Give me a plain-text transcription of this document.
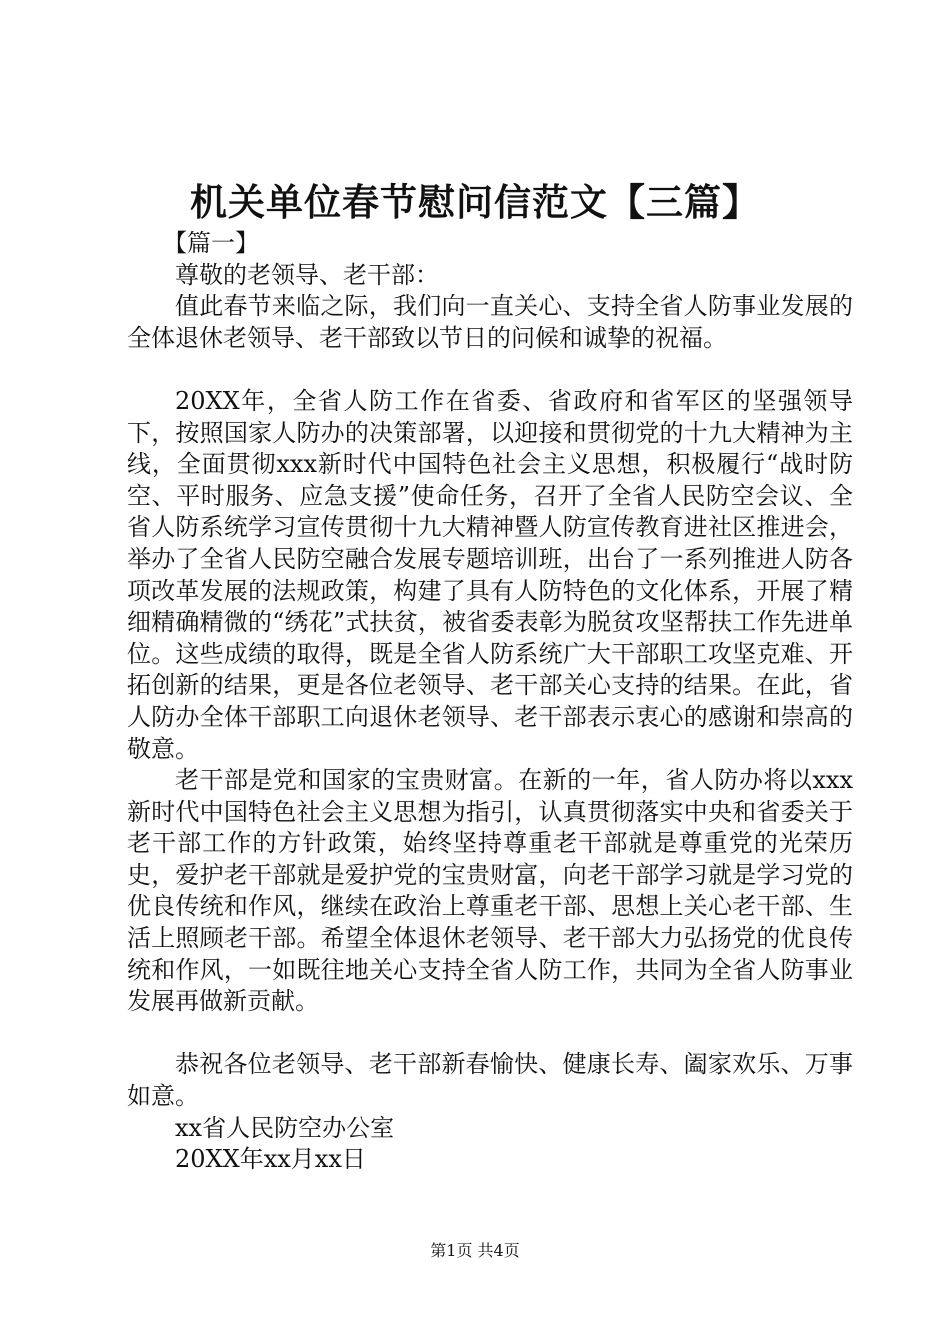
机关单位春节慰问信范文【三篇】

【篇一】

尊敬的老领导、老干部：

值此春节来临之际，我们向一直关心、支持全省人防事业发展的全体退休老领导、老干部致以节日的问候和诚挚的祝福。

20XX年，全省人防工作在省委、省政府和省军区的坚强领导下，按照国家人防办的决策部署，以迎接和贯彻党的十九大精神为主线，全面贯彻xxx新时代中国特色社会主义思想，积极履行“战时防空、平时服务、应急支援”使命任务，召开了全省人民防空会议、全省人防系统学习宣传贯彻十九大精神暨人防宣传教育进社区推进会，举办了全省人民防空融合发展专题培训班，出台了一系列推进人防各项改革发展的法规政策，构建了具有人防特色的文化体系，开展了精细精确精微的“绣花”式扶贫，被省委表彰为脱贫攻坚帮扶工作先进单位。这些成绩的取得，既是全省人防系统广大干部职工攻坚克难、开拓创新的结果，更是各位老领导、老干部关心支持的结果。在此，省人防办全体干部职工向退休老领导、老干部表示衷心的感谢和崇高的敬意。

老干部是党和国家的宝贵财富。在新的一年，省人防办将以xxx新时代中国特色社会主义思想为指引，认真贯彻落实中央和省委关于老干部工作的方针政策，始终坚持尊重老干部就是尊重党的光荣历史，爱护老干部就是爱护党的宝贵财富，向老干部学习就是学习党的优良传统和作风，继续在政治上尊重老干部、思想上关心老干部、生活上照顾老干部。希望全体退休老领导、老干部大力弘扬党的优良传统和作风，一如既往地关心支持全省人防工作，共同为全省人防事业发展再做新贡献。

恭祝各位老领导、老干部新春愉快、健康长寿、阖家欢乐、万事如意。

xx省人民防空办公室

20XX年xx月xx日

第1页 共4页
